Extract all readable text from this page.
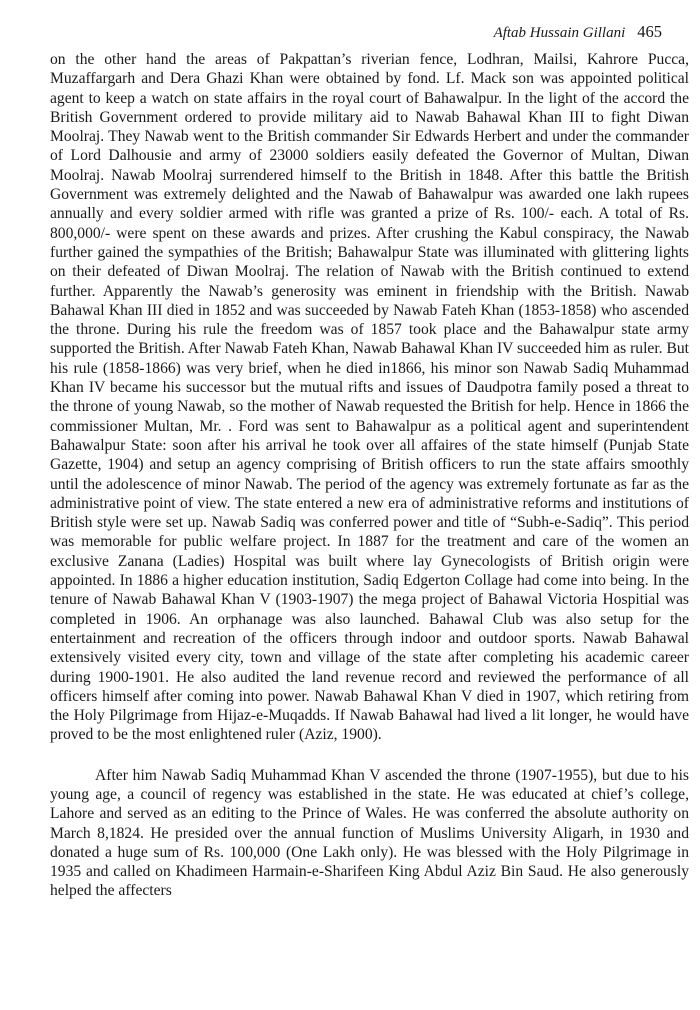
Aftab Hussain Gillani 465

on the other hand the areas of Pakpattan’s riverian fence, Lodhran, Mailsi, Kahrore Pucca, Muzaffargarh and Dera Ghazi Khan were obtained by fond. Lf. Mack son was appointed political agent to keep a watch on state affairs in the royal court of Bahawalpur. In the light of the accord the British Government ordered to provide military aid to Nawab Bahawal Khan III to fight Diwan Moolraj. They Nawab went to the British commander Sir Edwards Herbert and under the commander of Lord Dalhousie and army of 23000 soldiers easily defeated the Governor of Multan, Diwan Moolraj. Nawab Moolraj surrendered himself to the British in 1848. After this battle the British Government was extremely delighted and the Nawab of Bahawalpur was awarded one lakh rupees annually and every soldier armed with rifle was granted a prize of Rs. 100/- each. A total of Rs. 800,000/- were spent on these awards and prizes. After crushing the Kabul conspiracy, the Nawab further gained the sympathies of the British; Bahawalpur State was illuminated with glittering lights on their defeated of Diwan Moolraj. The relation of Nawab with the British continued to extend further. Apparently the Nawab’s generosity was eminent in friendship with the British. Nawab Bahawal Khan III died in 1852 and was succeeded by Nawab Fateh Khan (1853-1858) who ascended the throne. During his rule the freedom was of 1857 took place and the Bahawalpur state army supported the British. After Nawab Fateh Khan, Nawab Bahawal Khan IV succeeded him as ruler. But his rule (1858-1866) was very brief, when he died in1866, his minor son Nawab Sadiq Muhammad Khan IV became his successor but the mutual rifts and issues of Daudpotra family posed a threat to the throne of young Nawab, so the mother of Nawab requested the British for help. Hence in 1866 the commissioner Multan, Mr. . Ford was sent to Bahawalpur as a political agent and superintendent Bahawalpur State: soon after his arrival he took over all affaires of the state himself (Punjab State Gazette, 1904) and setup an agency comprising of British officers to run the state affairs smoothly until the adolescence of minor Nawab. The period of the agency was extremely fortunate as far as the administrative point of view. The state entered a new era of administrative reforms and institutions of British style were set up. Nawab Sadiq was conferred power and title of “Subh-e-Sadiq”. This period was memorable for public welfare project. In 1887 for the treatment and care of the women an exclusive Zanana (Ladies) Hospital was built where lay Gynecologists of British origin were appointed. In 1886 a higher education institution, Sadiq Edgerton Collage had come into being. In the tenure of Nawab Bahawal Khan V (1903-1907) the mega project of Bahawal Victoria Hospitial was completed in 1906. An orphanage was also launched. Bahawal Club was also setup for the entertainment and recreation of the officers through indoor and outdoor sports. Nawab Bahawal extensively visited every city, town and village of the state after completing his academic career during 1900-1901. He also audited the land revenue record and reviewed the performance of all officers himself after coming into power. Nawab Bahawal Khan V died in 1907, which retiring from the Holy Pilgrimage from Hijaz-e-Muqadds. If Nawab Bahawal had lived a lit longer, he would have proved to be the most enlightened ruler (Aziz, 1900).

After him Nawab Sadiq Muhammad Khan V ascended the throne (1907-1955), but due to his young age, a council of regency was established in the state. He was educated at chief’s college, Lahore and served as an editing to the Prince of Wales. He was conferred the absolute authority on March 8,1824. He presided over the annual function of Muslims University Aligarh, in 1930 and donated a huge sum of Rs. 100,000 (One Lakh only). He was blessed with the Holy Pilgrimage in 1935 and called on Khadimeen Harmain-e-Sharifeen King Abdul Aziz Bin Saud. He also generously helped the affecters
